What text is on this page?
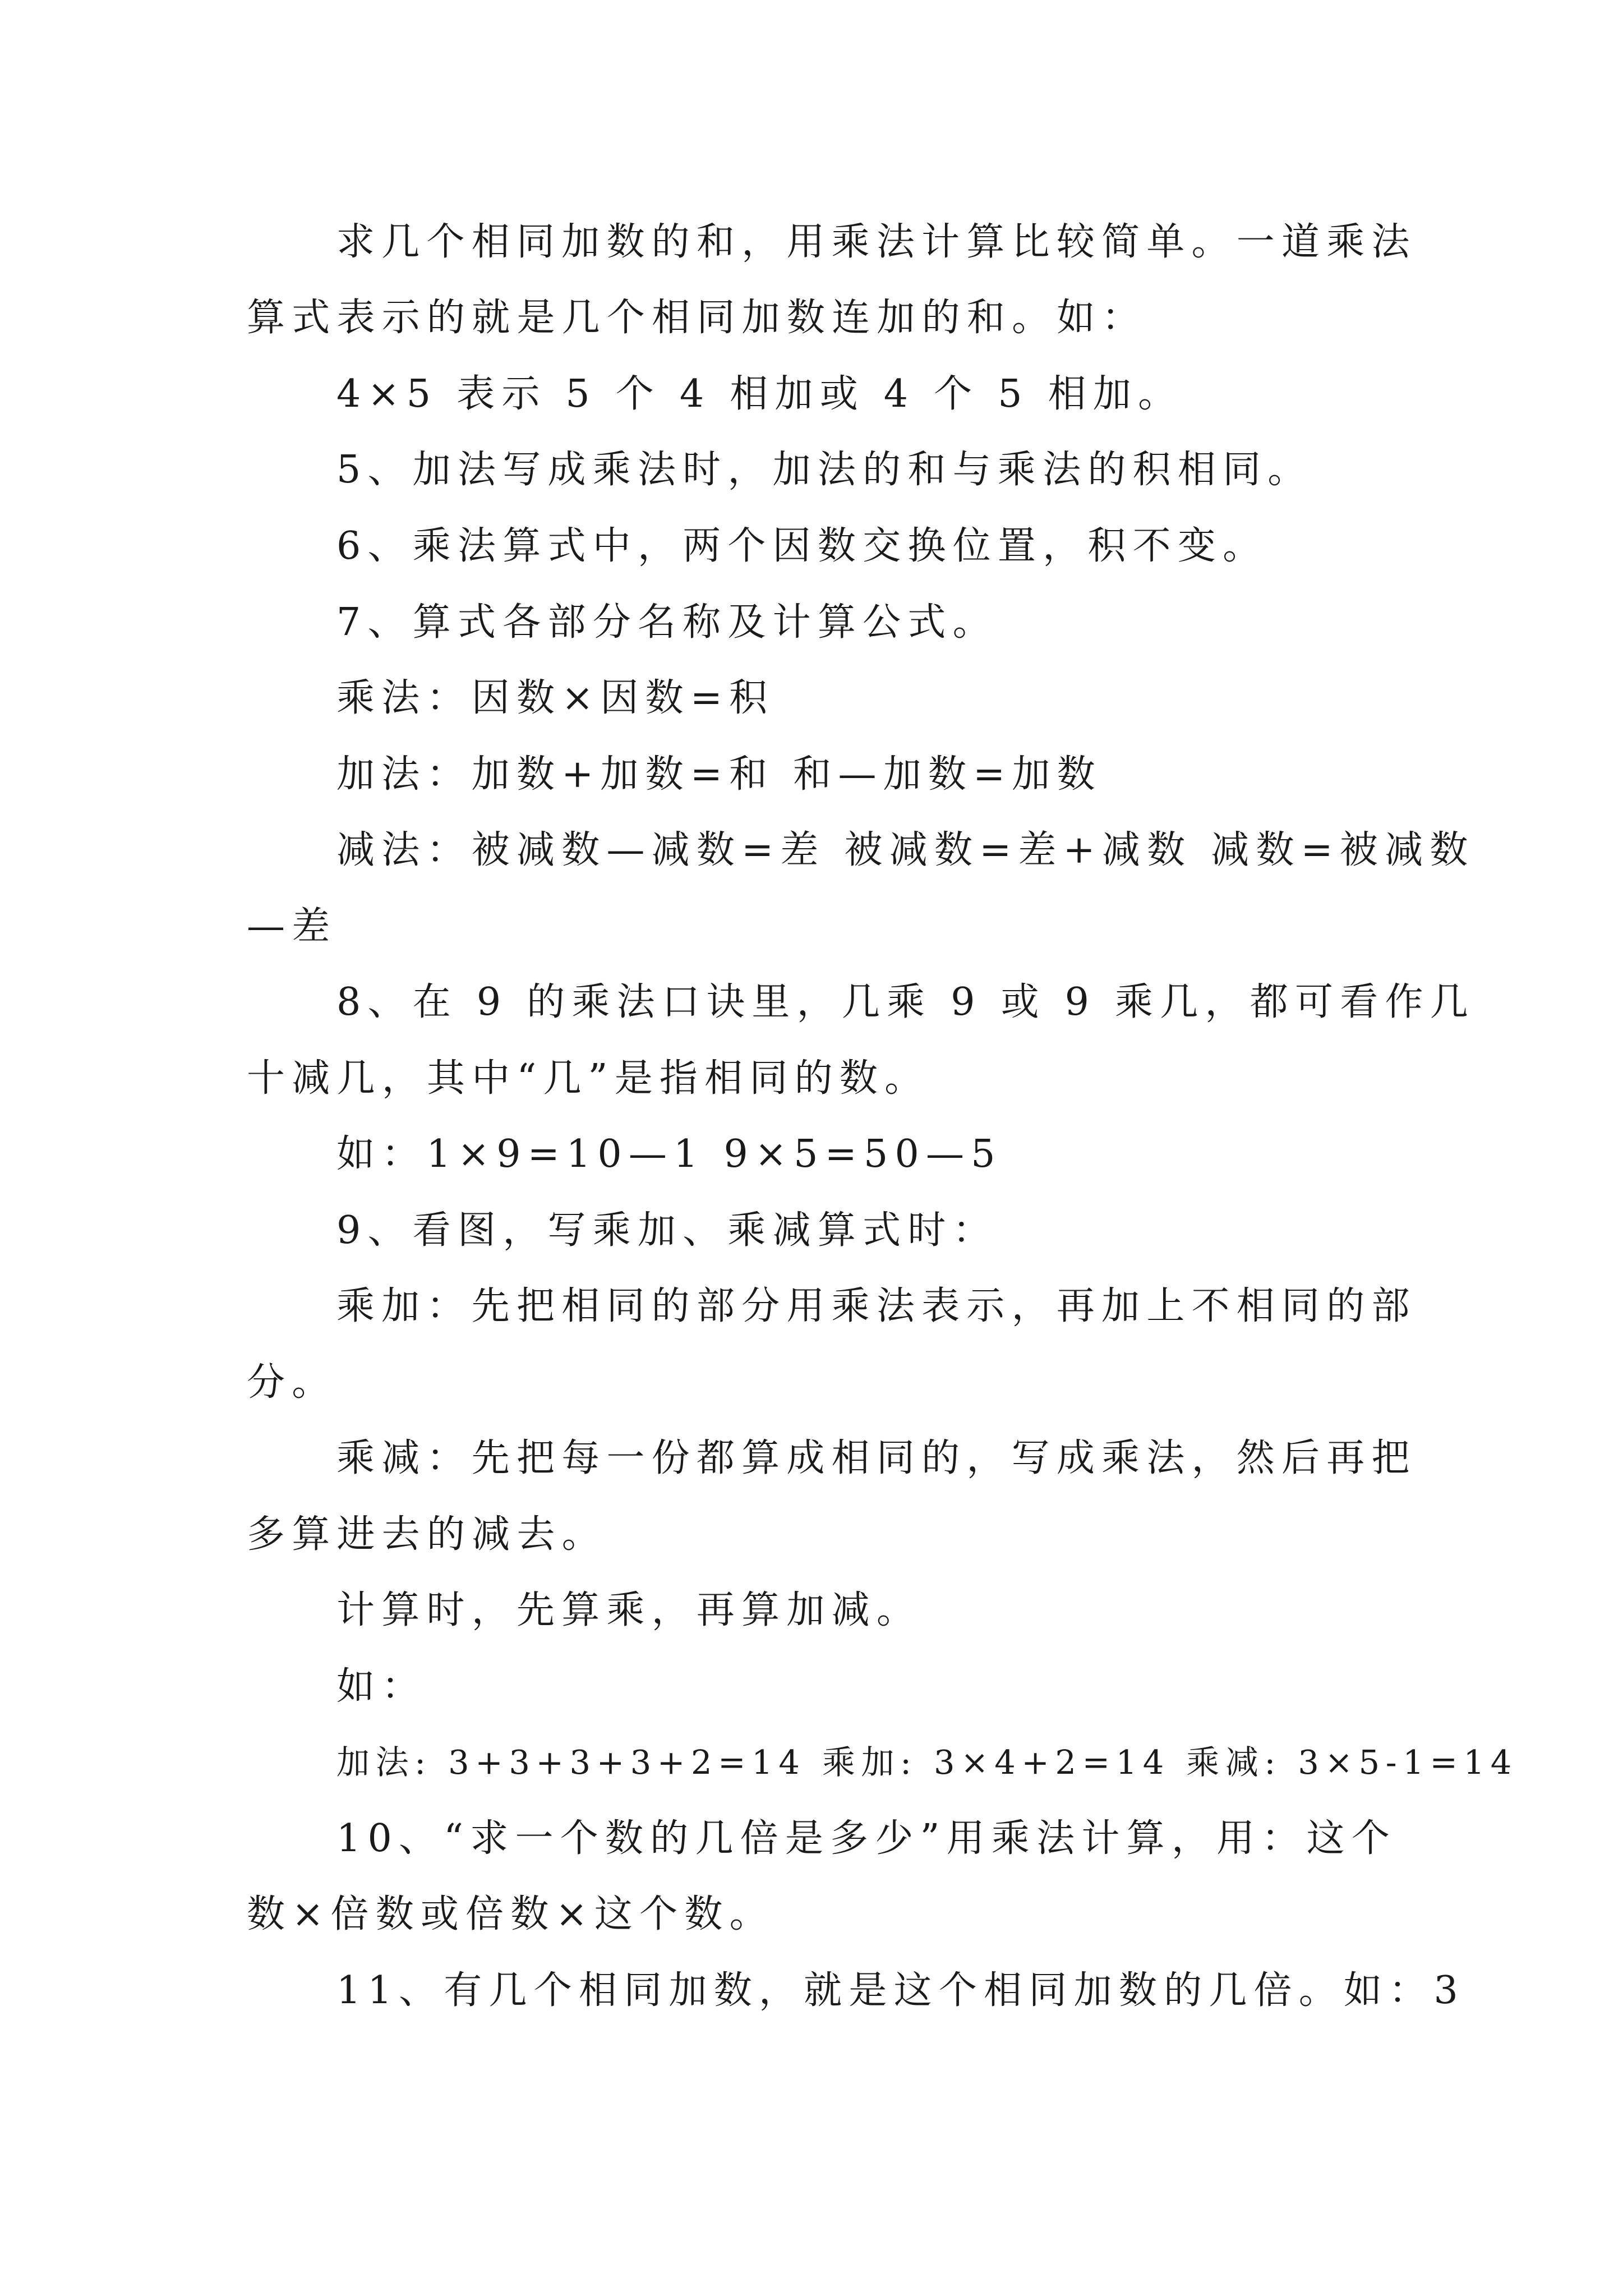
求几个相同加数的和，用乘法计算比较简单。一道乘法
算式表示的就是几个相同加数连加的和。如：
4×5 表示 5 个 4 相加或 4 个 5 相加。
5、加法写成乘法时，加法的和与乘法的积相同。
6、乘法算式中，两个因数交换位置，积不变。
7、算式各部分名称及计算公式。
乘法：因数×因数=积
加法：加数+加数=和 和—加数=加数
减法：被减数—减数=差 被减数=差+减数 减数=被减数
—差
8、在 9 的乘法口诀里，几乘 9 或 9 乘几，都可看作几
十减几，其中“几”是指相同的数。
如：1×9=10—1 9×5=50—5
9、看图，写乘加、乘减算式时：
乘加：先把相同的部分用乘法表示，再加上不相同的部
分。
乘减：先把每一份都算成相同的，写成乘法，然后再把
多算进去的减去。
计算时，先算乘，再算加减。
如：
加法: 3+3+3+3+2=14 乘加: 3×4+2=14 乘减: 3×5-1=14
10、“求一个数的几倍是多少”用乘法计算，用：这个
数×倍数或倍数×这个数。
11、有几个相同加数，就是这个相同加数的几倍。如：3
